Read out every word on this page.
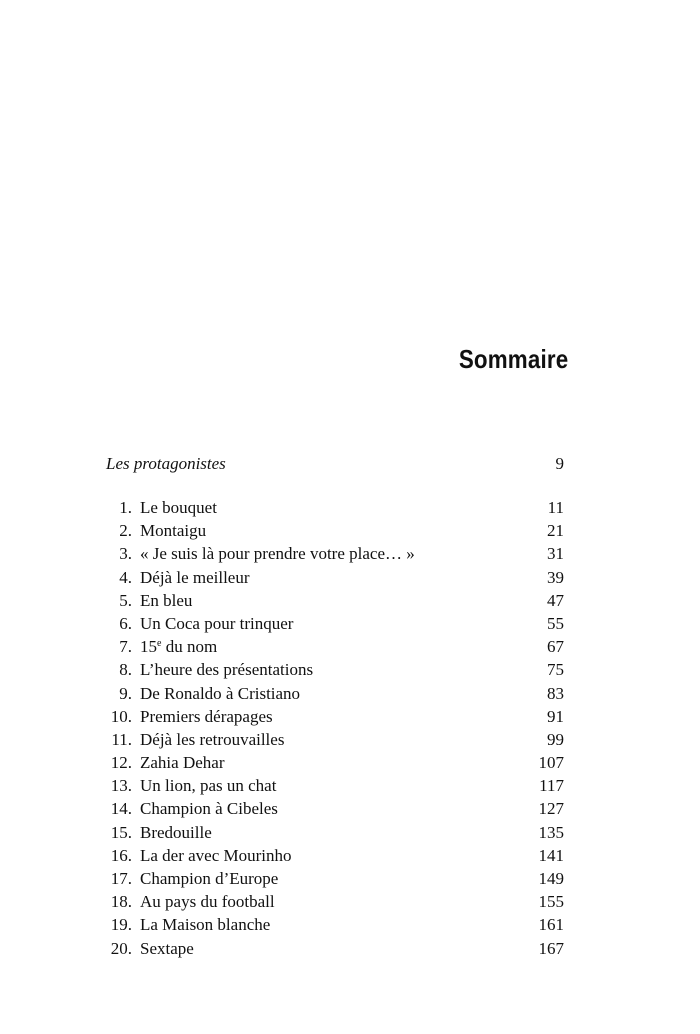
Sommaire
Les protagonistes	9
1. Le bouquet	11
2. Montaigu	21
3. « Je suis là pour prendre votre place… »	31
4. Déjà le meilleur	39
5. En bleu	47
6. Un Coca pour trinquer	55
7. 15e du nom	67
8. L’heure des présentations	75
9. De Ronaldo à Cristiano	83
10. Premiers dérapages	91
11. Déjà les retrouvailles	99
12. Zahia Dehar	107
13. Un lion, pas un chat	117
14. Champion à Cibeles	127
15. Bredouille	135
16. La der avec Mourinho	141
17. Champion d’Europe	149
18. Au pays du football	155
19. La Maison blanche	161
20. Sextape	167
